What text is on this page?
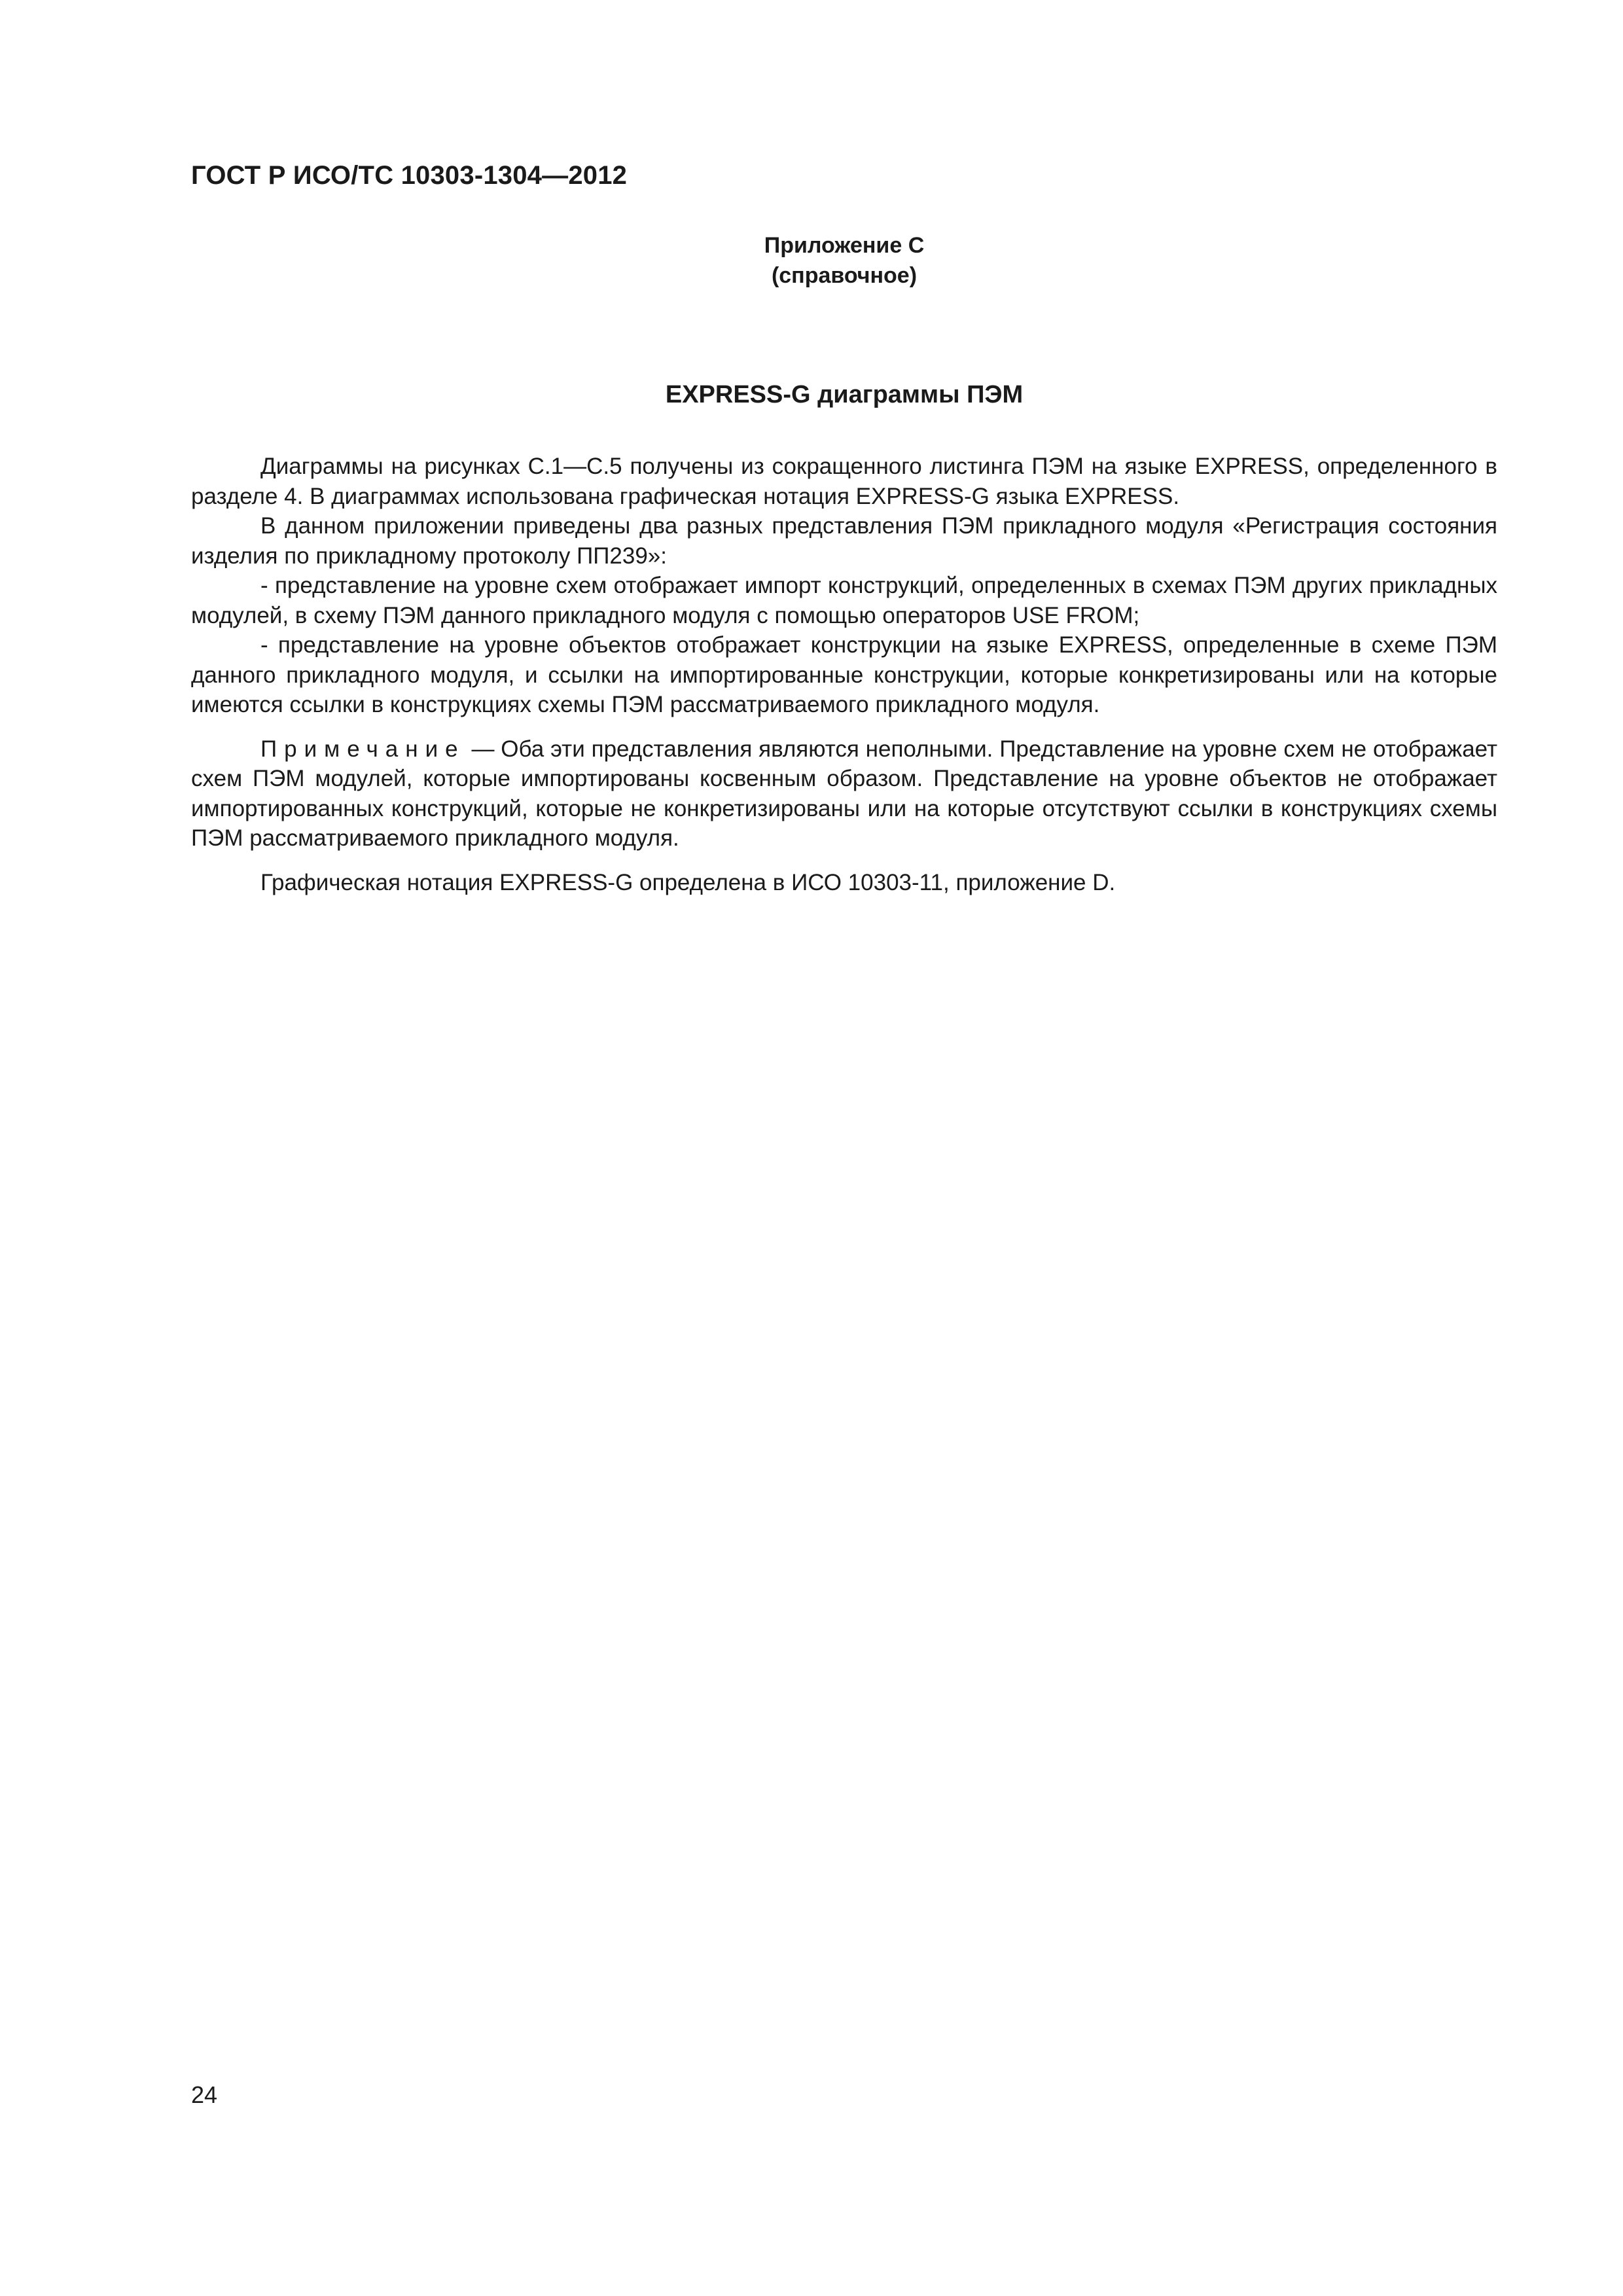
ГОСТ Р ИСО/ТС 10303-1304—2012
Приложение С
(справочное)
EXPRESS-G диаграммы ПЭМ

Диаграммы на рисунках С.1—С.5 получены из сокращенного листинга ПЭМ на языке EXPRESS, определенного в разделе 4. В диаграммах использована графическая нотация EXPRESS-G языка EXPRESS.

В данном приложении приведены два разных представления ПЭМ прикладного модуля «Регистрация состояния изделия по прикладному протоколу ПП239»:

- представление на уровне схем отображает импорт конструкций, определенных в схемах ПЭМ других прикладных модулей, в схему ПЭМ данного прикладного модуля с помощью операторов USE FROM;

- представление на уровне объектов отображает конструкции на языке EXPRESS, определенные в схеме ПЭМ данного прикладного модуля, и ссылки на импортированные конструкции, которые конкретизированы или на которые имеются ссылки в конструкциях схемы ПЭМ рассматриваемого прикладного модуля.

Примечание — Оба эти представления являются неполными. Представление на уровне схем не отображает схем ПЭМ модулей, которые импортированы косвенным образом. Представление на уровне объектов не отображает импортированных конструкций, которые не конкретизированы или на которые отсутствуют ссылки в конструкциях схемы ПЭМ рассматриваемого прикладного модуля.

Графическая нотация EXPRESS-G определена в ИСО 10303-11, приложение D.

24
